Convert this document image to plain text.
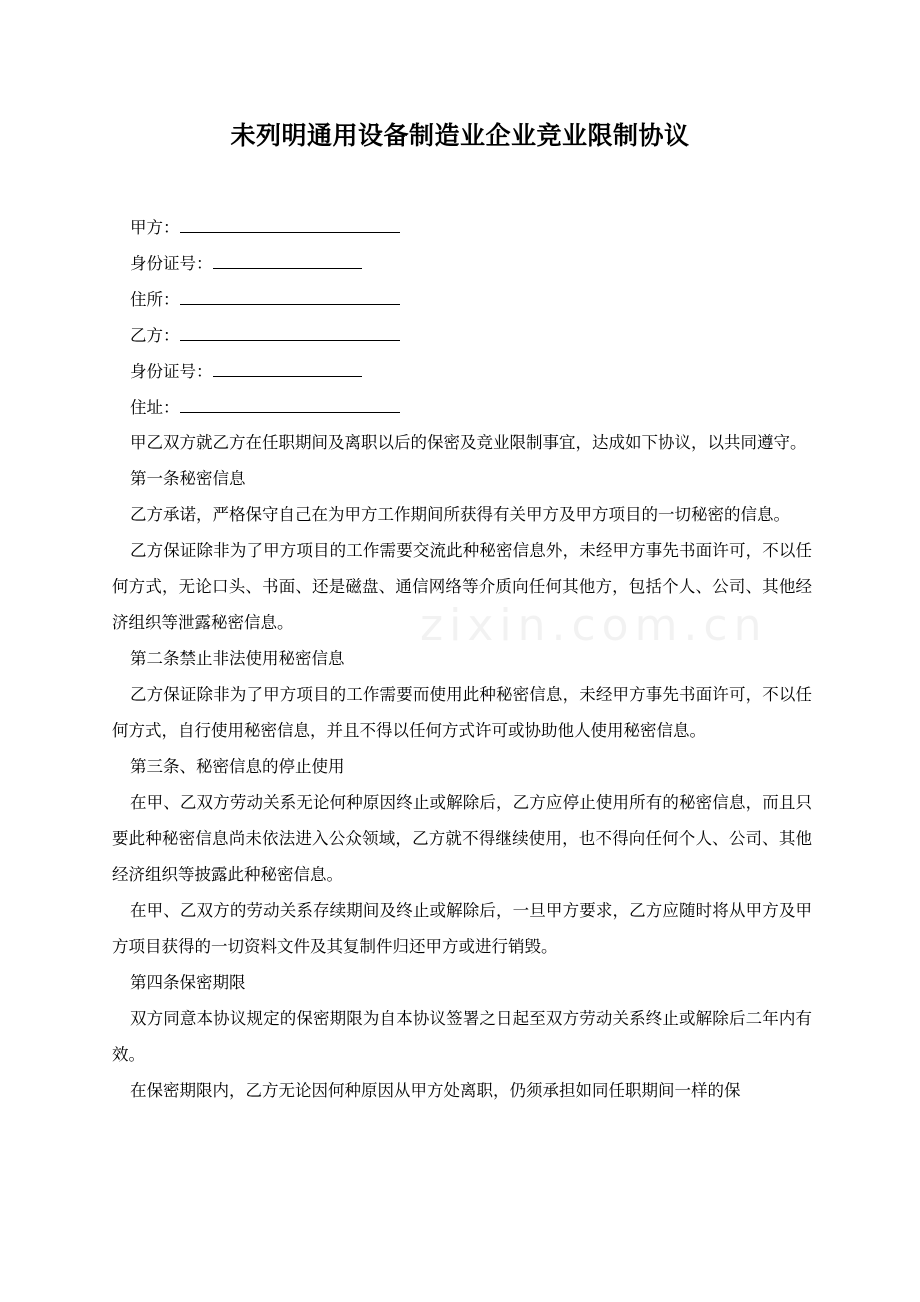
zixin.com.cn
未列明通用设备制造业企业竞业限制协议
甲方：
身份证号：
住所：
乙方：
身份证号：
住址：

甲乙双方就乙方在任职期间及离职以后的保密及竞业限制事宜，达成如下协议，以共同遵守。

第一条秘密信息

乙方承诺，严格保守自己在为甲方工作期间所获得有关甲方及甲方项目的一切秘密的信息。

乙方保证除非为了甲方项目的工作需要交流此种秘密信息外，未经甲方事先书面许可，不以任何方式，无论口头、书面、还是磁盘、通信网络等介质向任何其他方，包括个人、公司、其他经济组织等泄露秘密信息。

第二条禁止非法使用秘密信息

乙方保证除非为了甲方项目的工作需要而使用此种秘密信息，未经甲方事先书面许可，不以任何方式，自行使用秘密信息，并且不得以任何方式许可或协助他人使用秘密信息。

第三条、秘密信息的停止使用

在甲、乙双方劳动关系无论何种原因终止或解除后，乙方应停止使用所有的秘密信息，而且只要此种秘密信息尚未依法进入公众领域，乙方就不得继续使用，也不得向任何个人、公司、其他经济组织等披露此种秘密信息。

在甲、乙双方的劳动关系存续期间及终止或解除后，一旦甲方要求，乙方应随时将从甲方及甲方项目获得的一切资料文件及其复制件归还甲方或进行销毁。

第四条保密期限

双方同意本协议规定的保密期限为自本协议签署之日起至双方劳动关系终止或解除后二年内有效。

在保密期限内，乙方无论因何种原因从甲方处离职，仍须承担如同任职期间一样的保
